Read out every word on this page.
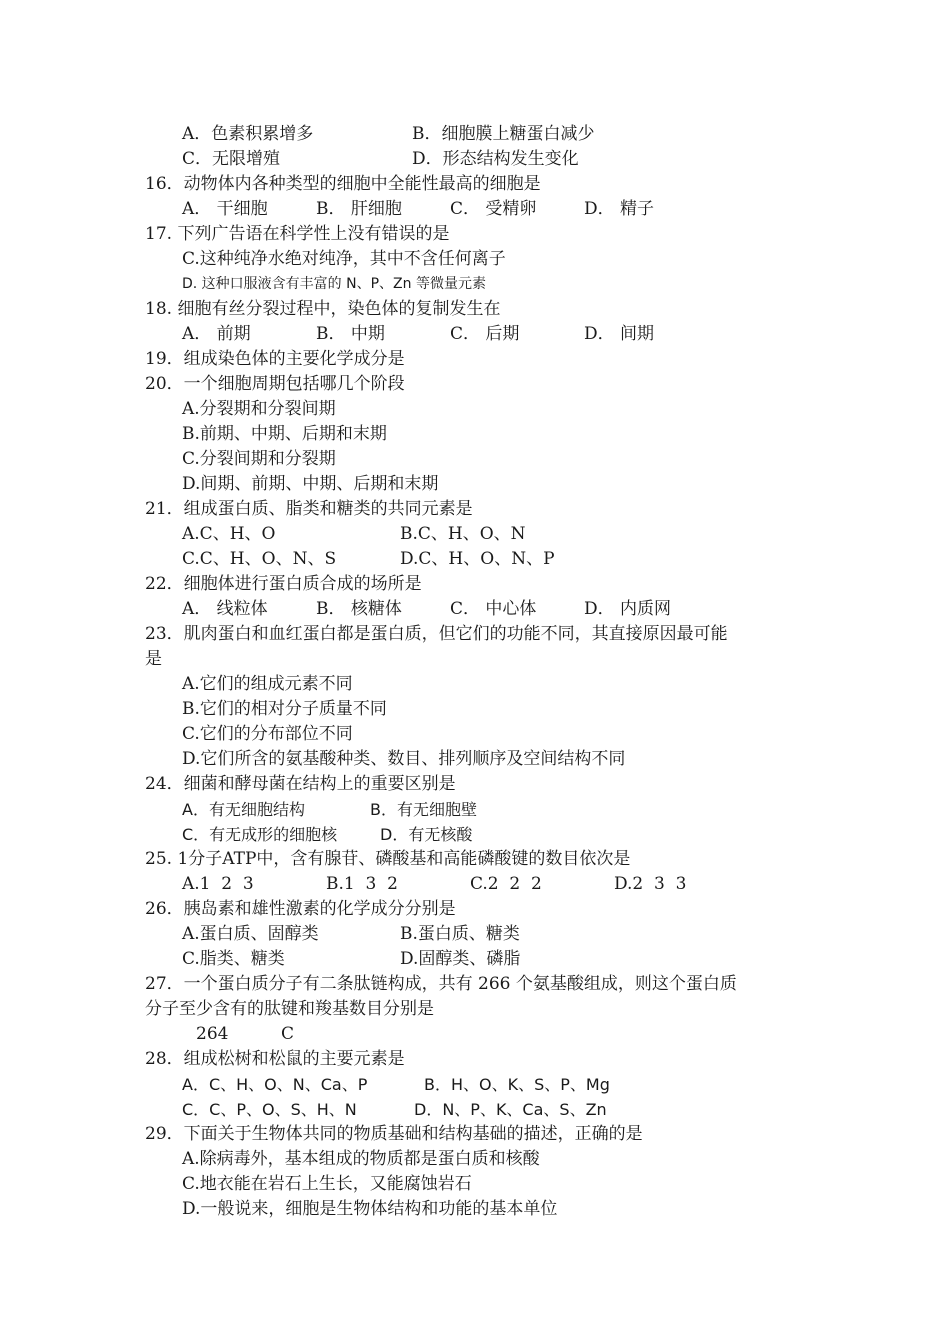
A．色素积累增多	B．细胞膜上糖蛋白减少
C．无限增殖	D．形态结构发生变化
16．动物体内各种类型的细胞中全能性最高的细胞是
A． 干细胞	B． 肝细胞	C． 受精卵	D． 精子
17. 下列广告语在科学性上没有错误的是
C.这种纯净水绝对纯净，其中不含任何离子
D. 这种口服液含有丰富的 N、P、Zn 等微量元素
18. 细胞有丝分裂过程中，染色体的复制发生在
A． 前期	B． 中期	C． 后期	D． 间期
19．组成染色体的主要化学成分是
20．一个细胞周期包括哪几个阶段
A.分裂期和分裂间期
B.前期、中期、后期和末期
C.分裂间期和分裂期
D.间期、前期、中期、后期和末期
21．组成蛋白质、脂类和糖类的共同元素是
A.C、H、O	B.C、H、O、N
C.C、H、O、N、S	D.C、H、O、N、P
22．细胞体进行蛋白质合成的场所是
A． 线粒体	B． 核糖体	C． 中心体	D． 内质网
23．肌肉蛋白和血红蛋白都是蛋白质，但它们的功能不同，其直接原因最可能
是
A.它们的组成元素不同
B.它们的相对分子质量不同
C.它们的分布部位不同
D.它们所含的氨基酸种类、数目、排列顺序及空间结构不同
24．细菌和酵母菌在结构上的重要区别是
A．有无细胞结构	B．有无细胞壁
C．有无成形的细胞核	D．有无核酸
25. 1分子ATP中，含有腺苷、磷酸基和高能磷酸键的数目依次是
A.1  2  3	B.1  3  2	C.2  2  2	D.2  3  3
26．胰岛素和雄性激素的化学成分分别是
A.蛋白质、固醇类	B.蛋白质、糖类
C.脂类、糖类	D.固醇类、磷脂
27．一个蛋白质分子有二条肽链构成，共有 266 个氨基酸组成，则这个蛋白质
分子至少含有的肽键和羧基数目分别是
264	C
28．组成松树和松鼠的主要元素是
A．C、H、O、N、Ca、P	B．H、O、K、S、P、Mg
C．C、P、O、S、H、N	D．N、P、K、Ca、S、Zn
29．下面关于生物体共同的物质基础和结构基础的描述，正确的是
A.除病毒外，基本组成的物质都是蛋白质和核酸
C.地衣能在岩石上生长，又能腐蚀岩石
D.一般说来，细胞是生物体结构和功能的基本单位
